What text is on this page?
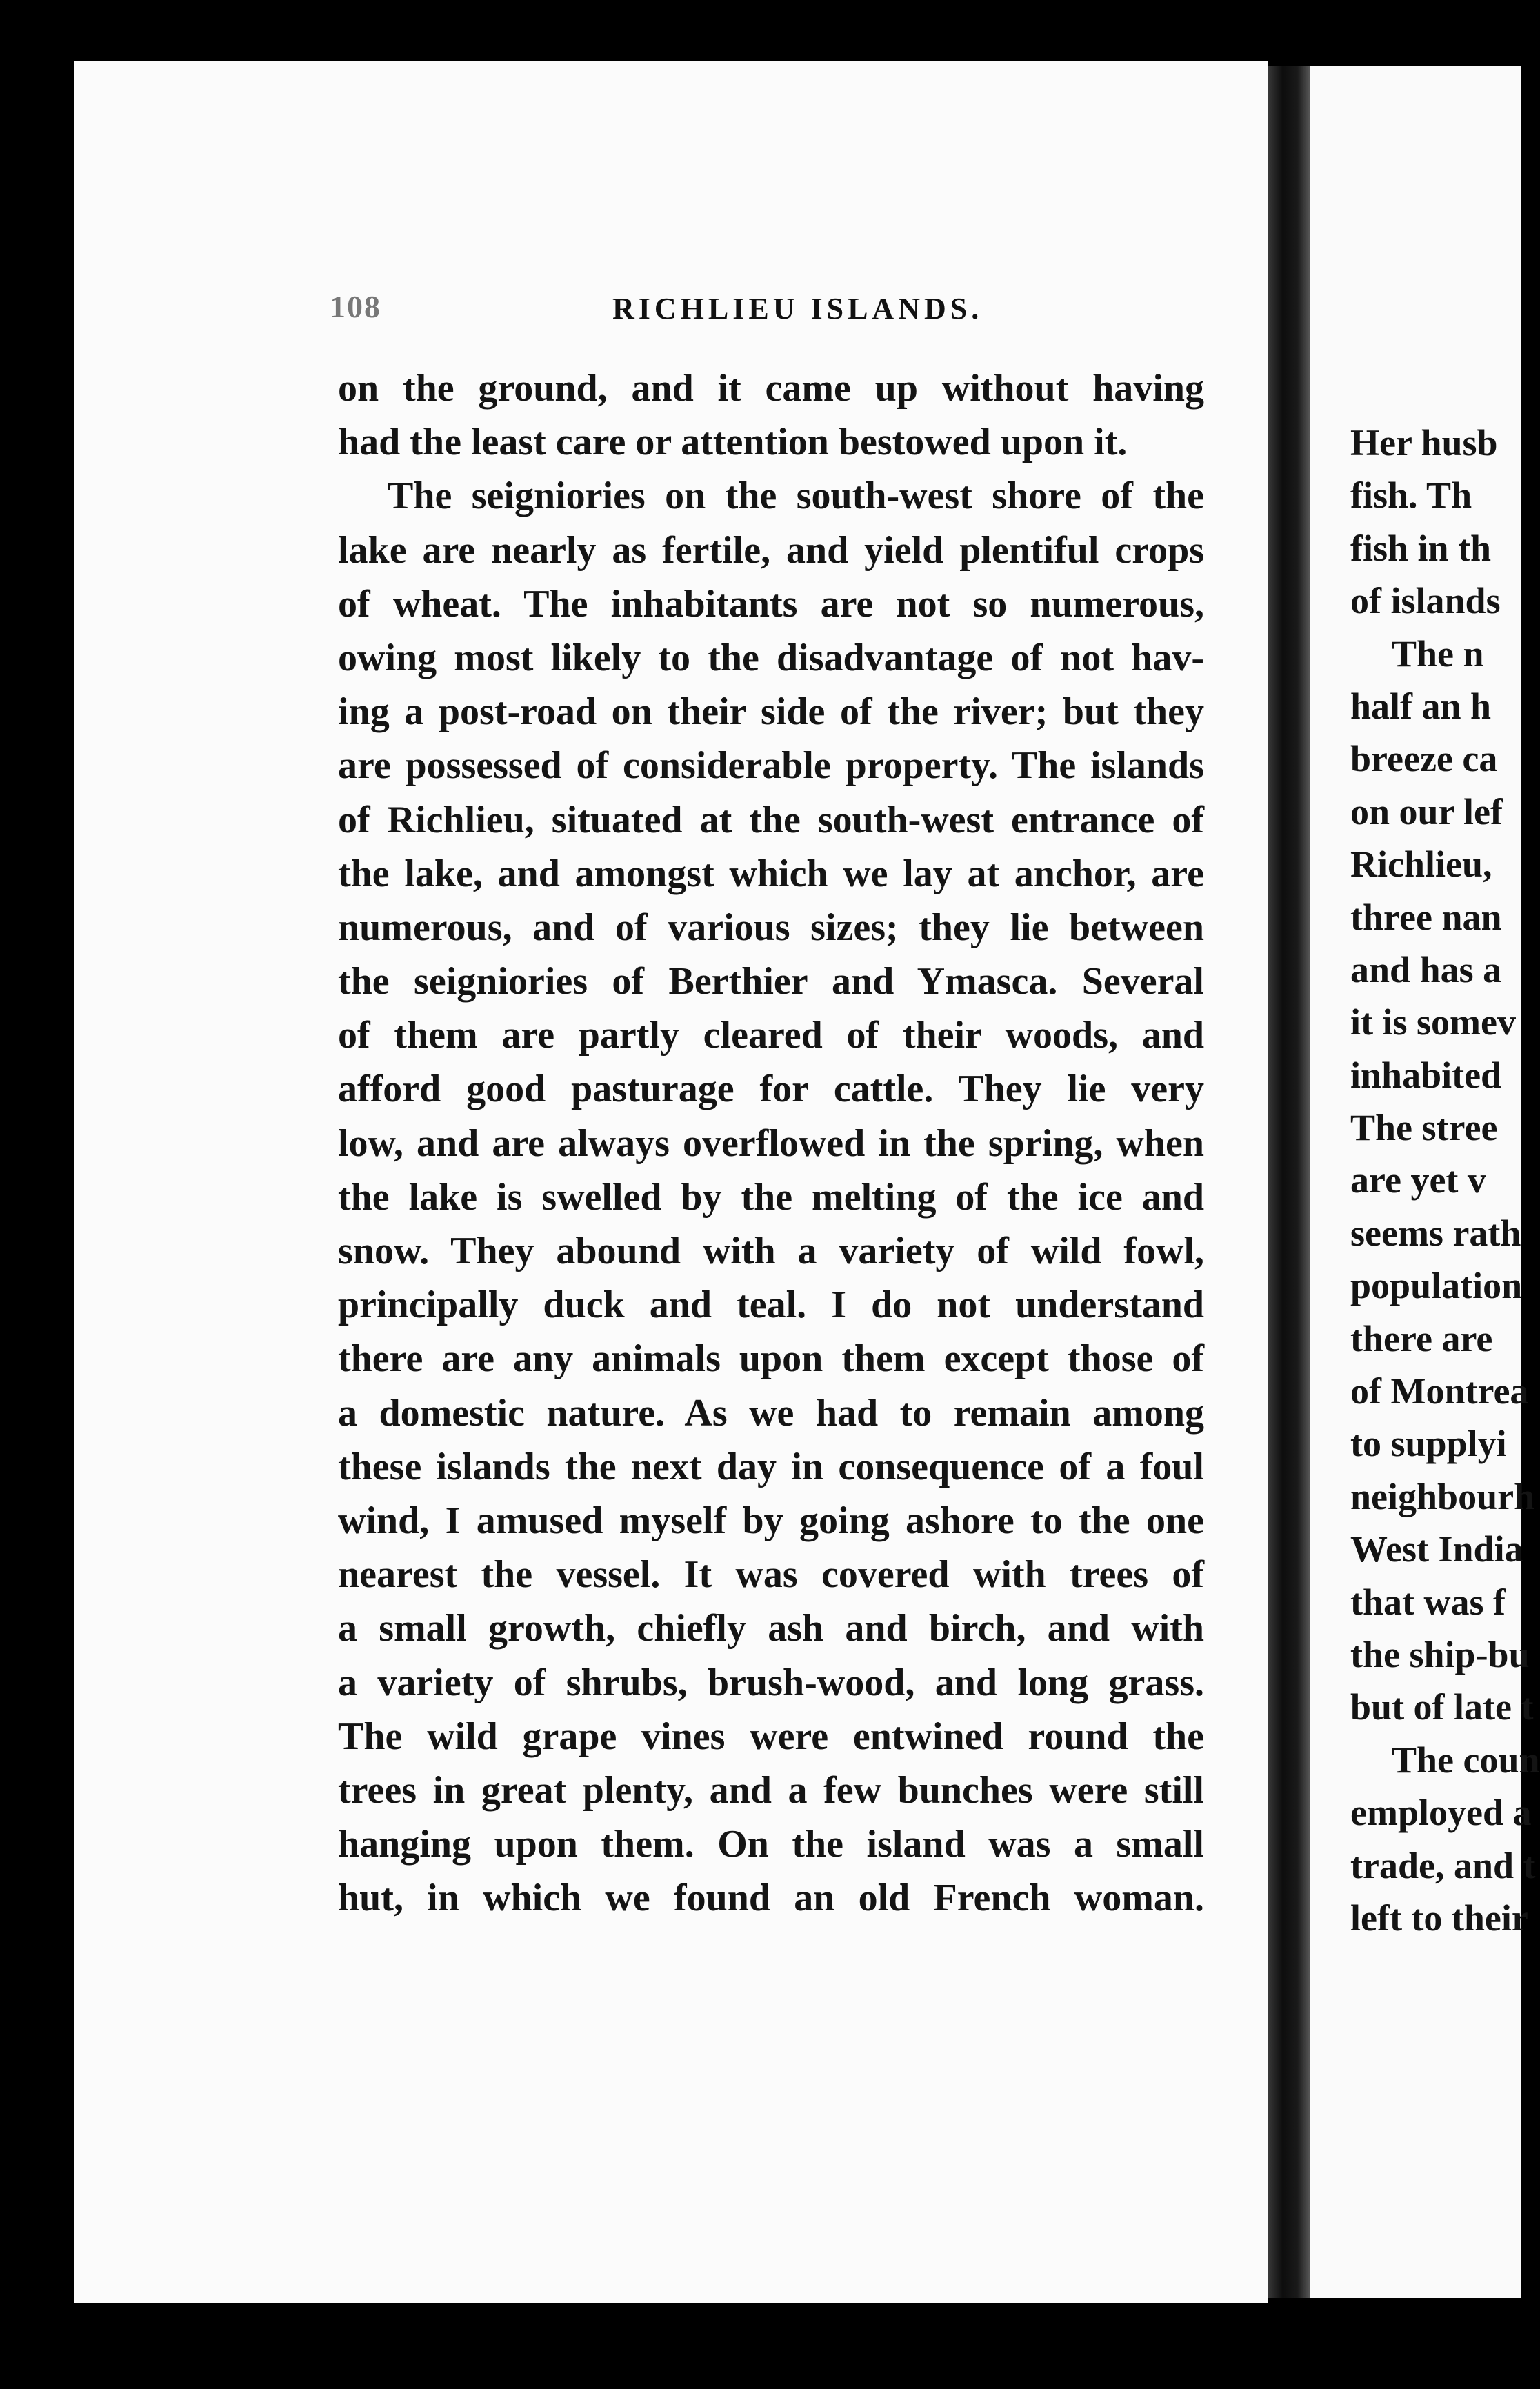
108	RICHLIEU ISLANDS.
on the ground, and it came up without having
had the least care or attention bestowed upon it.
The seigniories on the south-west shore of the
lake are nearly as fertile, and yield plentiful crops
of wheat. The inhabitants are not so numerous,
owing most likely to the disadvantage of not hav-
ing a post-road on their side of the river; but they
are possessed of considerable property. The islands
of Richlieu, situated at the south-west entrance of
the lake, and amongst which we lay at anchor, are
numerous, and of various sizes; they lie between
the seigniories of Berthier and Ymasca. Several
of them are partly cleared of their woods, and
afford good pasturage for cattle. They lie very
low, and are always overflowed in the spring, when
the lake is swelled by the melting of the ice and
snow. They abound with a variety of wild fowl,
principally duck and teal. I do not understand
there are any animals upon them except those of
a domestic nature. As we had to remain among
these islands the next day in consequence of a foul
wind, I amused myself by going ashore to the one
nearest the vessel. It was covered with trees of
a small growth, chiefly ash and birch, and with
a variety of shrubs, brush-wood, and long grass.
The wild grape vines were entwined round the
trees in great plenty, and a few bunches were still
hanging upon them. On the island was a small
hut, in which we found an old French woman.
Her husb
fish. Th
fish in th
of islands
The n
half an h
breeze ca
on our lef
Richlieu,
three nan
and has a
it is somev
inhabited
The stree
are yet v
seems rath
population
there are
of Montrea
to supplyi
neighbourh
West India
that was f
the ship-bu
but of late t
The coun
employed a
trade, and t
left to their
